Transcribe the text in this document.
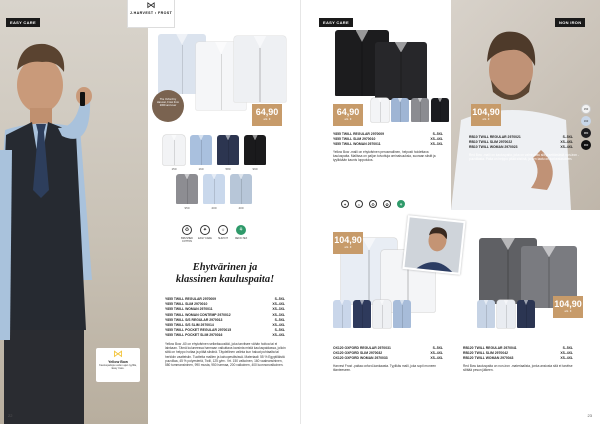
EASY CARE
⋈
J.HARVEST • FROST
⋈
Yellow Bow
Kauluspaitoja uuden ajan tyylilla, Easy Care.
The Oxford by Harvest, Frost from 2009 and ever
64,90
alk. €
150	160	580	990
950	200	400
♻	✦	☼	⚘
BRUSHED COTTON
EASY CARE	SLIM FIT	OEKO-TEX
Ehytvärinen ja
klassinen kauluspaita!
Y855 TWILL REGULAR 2970009	S–5XL
Y855 TWILL SLIM 2970010	XS–4XL
Y855 TWILL WOMAN 2970011	XS–3XL
Y855 TWILL WOMAN CONTEMP 2970012	XS–3XL
Y855 TWILL S/S REGULAR 2970013	S–5XL
Y855 TWILL S/S SLIM 2970014	XS–4XL
Y855 TWILL POCKET REGULAR 2970015	S–5XL
Y855 TWILL POCKET SLIM 2970016	XS–4XL
Yellow Bow -60 on ehytvärinen selkeäsuosikki, joka tarvitsee vähän hoitoa tai ei lainkaan. Tämä kuluneessa harmaan vaikuttava karsinta mistä kauluspaidassa, jolloin siitä on helppo hoitaa ja pitää siistinä. Täydellinen valinta kun haluat puhtaalta tai herkkiin vaatteisiin. Tuotteita mallien ja kalvopestävissä. Materiaali: 55 % Egyptiläistä puuvillaa, 45 % polyesteriä, Twill, 125 g/m². Vrt. 150 valkoinen, 160 vaaleansininen, 580 tummansininen, 990 musta, 950 harmaa, 200 valkoinen, 400 luonnonvalkoinen.
22
EASY CARE
64,90
alk. €
Y855 TWILL REGULAR 2970009	S–5XL
Y855 TWILL SLIM 2970010	XS–4XL
Y855 TWILL WOMAN 2970011	XS–3XL
Yellow Bow -malli on ehytvärinen perusmallinen, helposti hoidettava kauluspaita. Mallissa on paljon toivottuja ominaisuuksia, suoraan siistit ja tyylikkään kaunis lopputulos.
✦	☼	♻	✿	⚘
NON IRON
150
160
980
990
104,90
alk. €
RB10 TWILL REGULAR 2970021	S–5XL
RB10 TWILL SLIM 2970022	XS–4XL
RB10 TWILL WOMAN 2970023	XS–4XL
Red Bow -malli on kauluspaita, joka on valmistettu silityksettömästä non-iron -puuvillasta. Paita on helppo pitää siistinä, ja sen laatu on korkeatasoinen.
104,90
alk. €
OX120 OXFORD REGULAR 2970031	S–5XL
OX120 OXFORD SLIM 2970032	XS–4XL
OX120 OXFORD WOMAN 2970033	XS–4XL
Harvest Frost -paitaa oxford-kankaasta. Tyylikäs malli, joka sopii moneen tilanteeseen.
104,90
alk. €
RB120 TWILL REGULAR 2970041	S–5XL
RB120 TWILL SLIM 2970042	XS–4XL
RB120 TWILL WOMAN 2970043	XS–4XL
Red Bow kauluspaita on non-iron -materiaalista, jonka ansiosta sitä ei tarvitse silittää pesun jälkeen.
23
